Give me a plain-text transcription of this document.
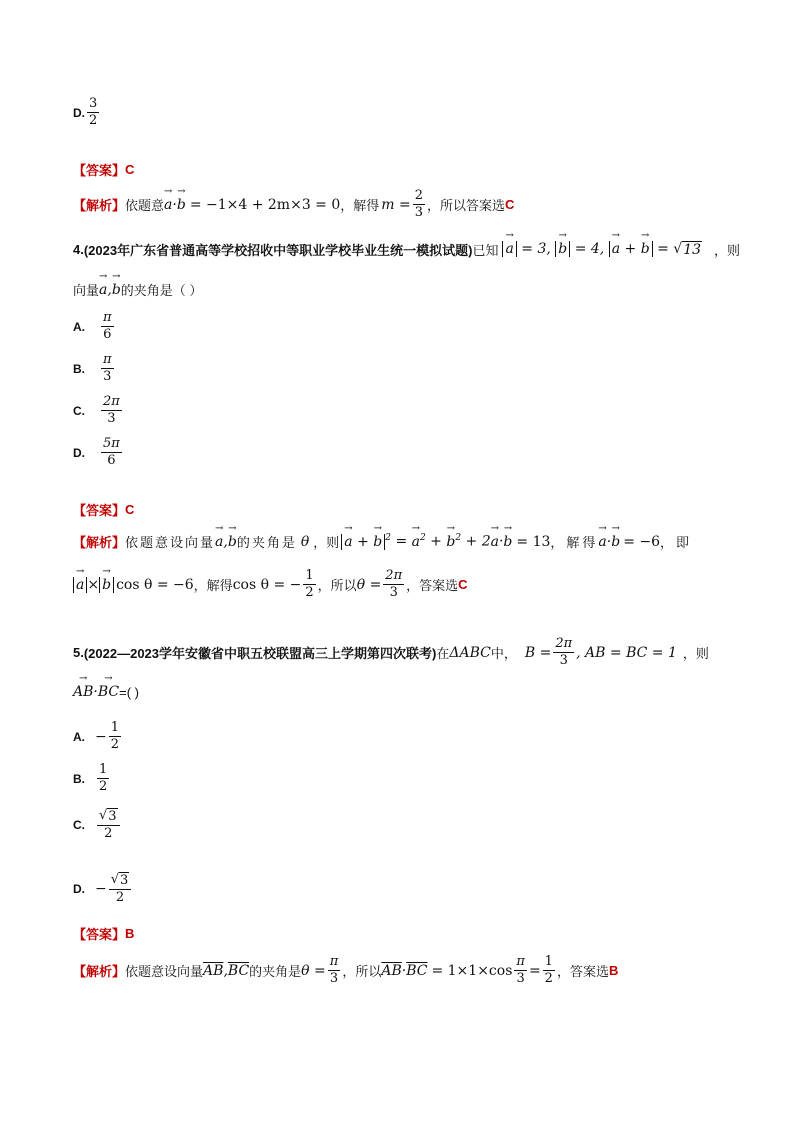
D. $\frac{3}{2}$
【答案】 C
【解析】 依题意 → a·→ b = −1×4 + 2m×3 = 0 ，解得 $m = \frac{2}{3}$ ，所以答案选 C
4. (2023年广东省普通高等学校招收中等职业学校毕业生统一模拟试题) 已知 → a = 3, → b = 4, → a + → b = √ 13 ，则
向量 → a,→ b 的夹角是（ ）
A.	$\frac{\pi}{6}$
B.	$\frac{\pi}{3}$
C.	$\frac{2\pi}{3}$
D.	$\frac{5\pi}{6}$
【答案】 C
【解析】 依题意设向量 → a,→ b 的夹角是 θ ，则 → a + → b $^2$ = → $a^2$ + → $b^2 + 2\to a\cdot\to b = 13$ ，解得 → a·→ b = −6 ，即
→ a × → b cos θ = −6 ，解得 cos θ = − $\frac{1}{2}$ ，所以 $\theta = \frac{2\pi}{3}$ ，答案选 C
5. (2022—2023学年安徽省中职五校联盟高三上学期第四次联考) 在 ΔABC 中， $B = \frac{2\pi}{3}$ , AB = BC = 1 ，则
→ AB·→ BC =( )
A. − $\frac{1}{2}$
B. $\frac{1}{2}$
C. $\frac{√ 3}{2}$
D. − $\frac{√ 3}{2}$
【答案】 B
【解析】 依题意设向量 $\overline{AB},\overline{BC}$ 的夹角是 $\theta = \frac{\pi}{3}$ ，所以 $\overline{AB}\cdot\overline{BC} = 1\times 1\times\cos \frac{\pi}{3} = \frac{1}{2}$ ，答案选 B
